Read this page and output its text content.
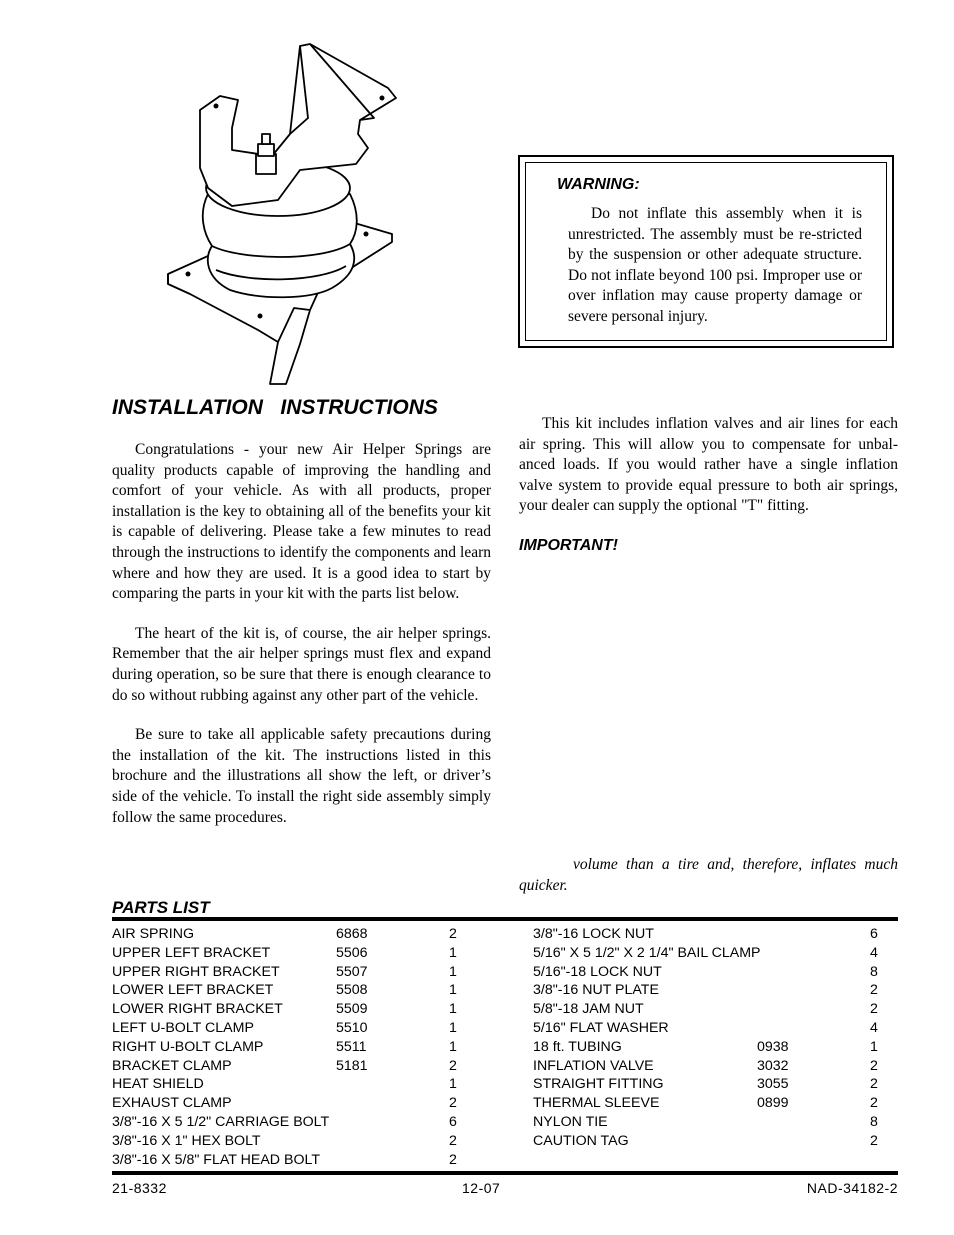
WARNING:

Do not inflate this assembly when it is unrestricted. The assembly must be re-stricted by the suspension or other adequate structure. Do not inflate beyond 100 psi. Improper use or over inflation may cause property damage or severe personal injury.

INSTALLATION   INSTRUCTIONS

Congratulations - your new Air Helper Springs are quality products capable of improving the handling and comfort of your vehicle. As with all products, proper installation is the key to obtaining all of the benefits your kit is capable of delivering. Please take a few minutes to read through the instructions to identify the components and learn where and how they are used. It is a good idea to start by comparing the parts in your kit with the parts list below.

The heart of the kit is, of course, the air helper springs. Remember that the air helper springs must flex and expand during operation, so be sure that there is enough clearance to do so without rubbing against any other part of the vehicle.

Be sure to take all applicable safety precautions during the installation of the kit. The instructions listed in this brochure and the illustrations all show the left, or driver’s side of the vehicle. To install the right side assembly simply follow the same procedures.

This kit includes inflation valves and air lines for each air spring. This will allow you to compensate for unbal-anced loads. If you would rather have a single inflation valve system to provide equal pressure to both air springs, your dealer can supply the optional "T" fitting.

IMPORTANT!

volume than a tire and, therefore, inflates much quicker.

PARTS LIST
AIR SPRING	6868	2
UPPER LEFT BRACKET	5506	1
UPPER RIGHT BRACKET	5507	1
LOWER LEFT BRACKET	5508	1
LOWER RIGHT BRACKET	5509	1
LEFT U-BOLT CLAMP	5510	1
RIGHT U-BOLT CLAMP	5511	1
BRACKET CLAMP	5181	2
HEAT SHIELD	1
EXHAUST CLAMP	2
3/8"-16 X 5 1/2" CARRIAGE BOLT	6
3/8"-16 X 1" HEX BOLT	2
3/8"-16 X 5/8" FLAT HEAD BOLT	2
3/8"-16 LOCK NUT	6
5/16" X 5 1/2" X 2 1/4" BAIL CLAMP	4
5/16"-18 LOCK NUT	8
3/8"-16 NUT PLATE	2
5/8"-18 JAM NUT	2
5/16" FLAT WASHER	4
18 ft. TUBING	0938	1
INFLATION VALVE	3032	2
STRAIGHT FITTING	3055	2
THERMAL SLEEVE	0899	2
NYLON TIE	8
CAUTION TAG	2
21-8332	12-07	NAD-34182-2
